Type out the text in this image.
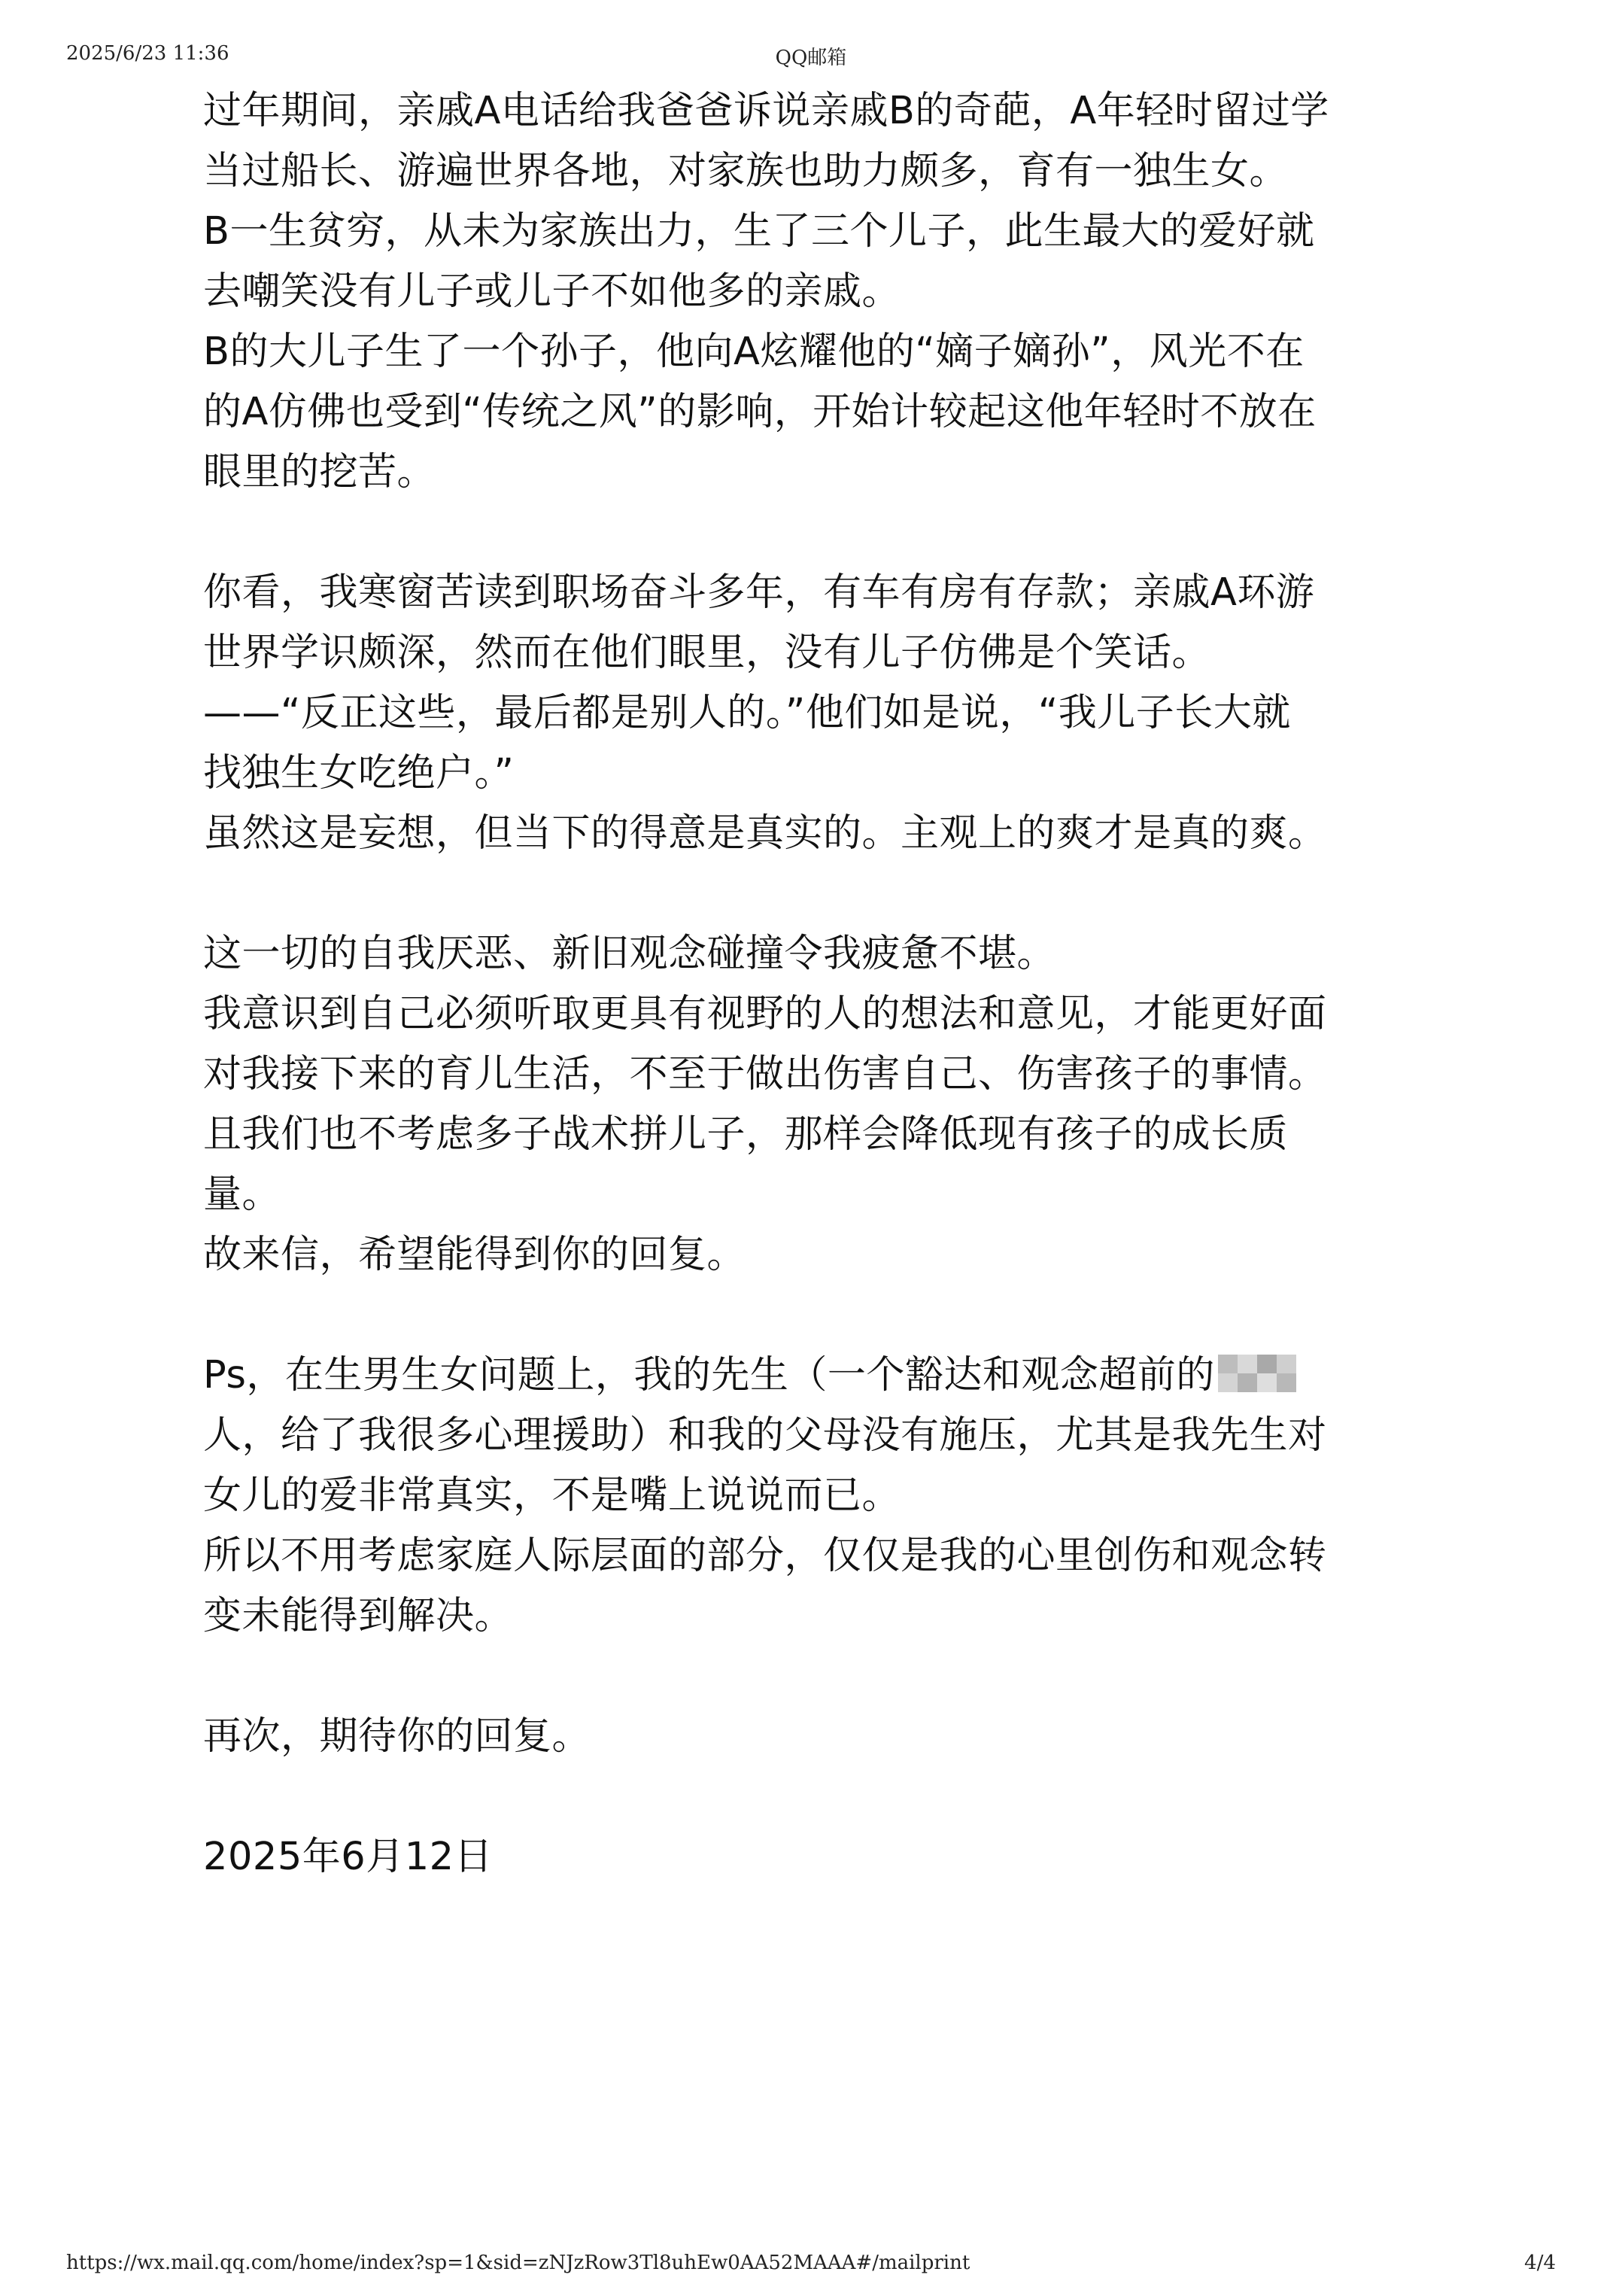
2025/6/23 11:36	QQ邮箱
过年期间，亲戚A电话给我爸爸诉说亲戚B的奇葩，A年轻时留过学
当过船长、游遍世界各地，对家族也助力颇多，育有一独生女。
B一生贫穷，从未为家族出力，生了三个儿子，此生最大的爱好就
去嘲笑没有儿子或儿子不如他多的亲戚。
B的大儿子生了一个孙子，他向A炫耀他的“嫡子嫡孙”，风光不在
的A仿佛也受到“传统之风”的影响，开始计较起这他年轻时不放在
眼里的挖苦。
你看，我寒窗苦读到职场奋斗多年，有车有房有存款；亲戚A环游
世界学识颇深，然而在他们眼里，没有儿子仿佛是个笑话。
——“反正这些，最后都是别人的。”他们如是说，“我儿子长大就
找独生女吃绝户。”
虽然这是妄想，但当下的得意是真实的。主观上的爽才是真的爽。
这一切的自我厌恶、新旧观念碰撞令我疲惫不堪。
我意识到自己必须听取更具有视野的人的想法和意见，才能更好面
对我接下来的育儿生活，不至于做出伤害自己、伤害孩子的事情。
且我们也不考虑多子战术拼儿子，那样会降低现有孩子的成长质
量。
故来信，希望能得到你的回复。
Ps，在生男生女问题上，我的先生（一个豁达和观念超前的
人，给了我很多心理援助）和我的父母没有施压，尤其是我先生对
女儿的爱非常真实，不是嘴上说说而已。
所以不用考虑家庭人际层面的部分，仅仅是我的心里创伤和观念转
变未能得到解决。
再次，期待你的回复。
2025年6月12日
https://wx.mail.qq.com/home/index?sp=1&sid=zNJzRow3Tl8uhEw0AA52MAAA#/mailprint	4/4
